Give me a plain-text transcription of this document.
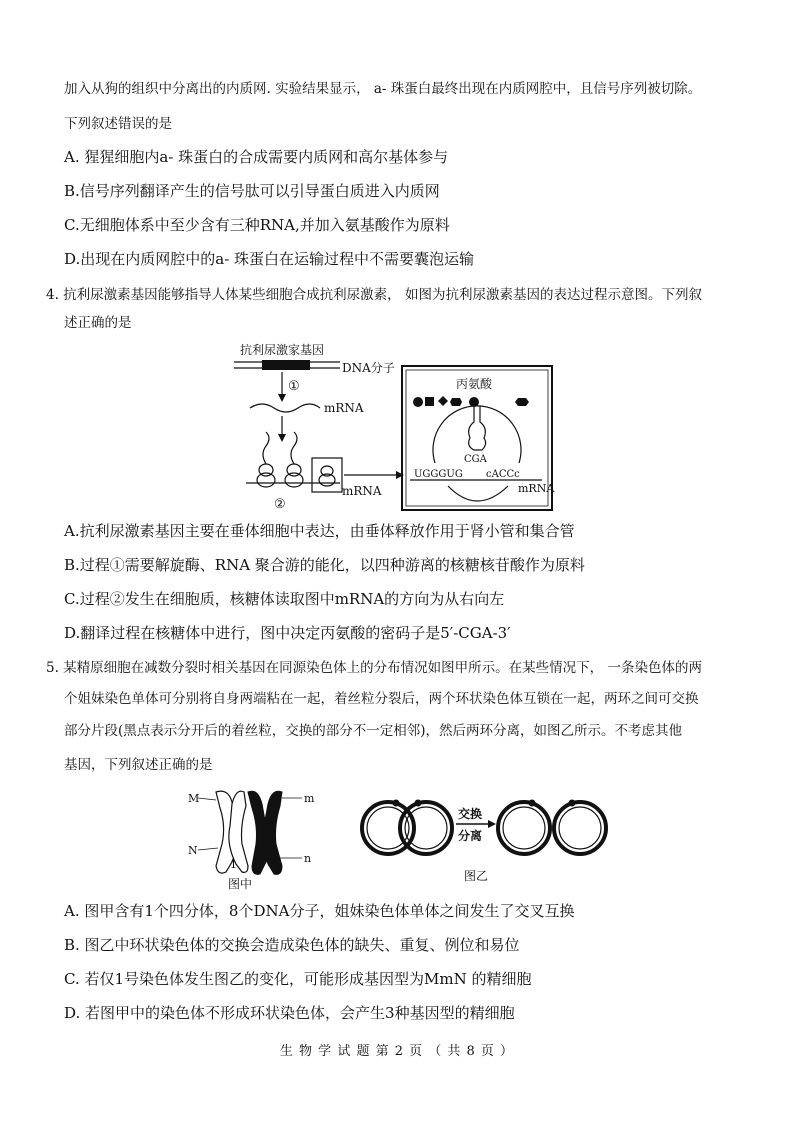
加入从狗的组织中分离出的内质网. 实验结果显示， a- 珠蛋白最终出现在内质网腔中，且信号序列被切除。
下列叙述错误的是
A. 猩猩细胞内a- 珠蛋白的合成需要内质网和高尔基体参与
B.信号序列翻译产生的信号肽可以引导蛋白质进入内质网
C.无细胞体系中至少含有三种RNA,并加入氨基酸作为原料
D.出现在内质网腔中的a- 珠蛋白在运输过程中不需要囊泡运输
4. 抗利尿激素基因能够指导人体某些细胞合成抗利尿激素， 如图为抗利尿激素基因的表达过程示意图。下列叙
述正确的是
抗利尿激家基因
DNA分子
①
mRNA
mRNA
②
丙氨酸
CGA
UGGGUG cACCc
mRNA
A.抗利尿激素基因主要在垂体细胞中表达，由垂体释放作用于肾小管和集合管
B.过程①需要解旋酶、RNA 聚合游的能化，以四种游离的核糖核苷酸作为原料
C.过程②发生在细胞质，核糖体读取图中mRNA的方向为从右向左
D.翻译过程在核糖体中进行，图中决定丙氨酸的密码子是5′-CGA-3′
5. 某精原细胞在减数分裂时相关基因在同源染色体上的分布情况如图甲所示。在某些情况下， 一条染色体的两
个姐妹染色单体可分别将自身两端粘在一起，着丝粒分裂后，两个环状染色体互锁在一起，两环之间可交换
部分片段(黑点表示分开后的着丝粒，交换的部分不一定相邻)，然后两环分离，如图乙所示。不考虑其他
基因，下列叙述正确的是
M
N
m
n
1 2
图中
交换
分离
图乙
A. 图甲含有1个四分体，8个DNA分子，姐妹染色体单体之间发生了交叉互换
B. 图乙中环状染色体的交换会造成染色体的缺失、重复、例位和易位
C. 若仅1号染色体发生图乙的变化，可能形成基因型为MmN 的精细胞
D. 若图甲中的染色体不形成环状染色体，会产生3种基因型的精细胞
生 物 学 试 题 第 2 页 （ 共 8 页 ）
